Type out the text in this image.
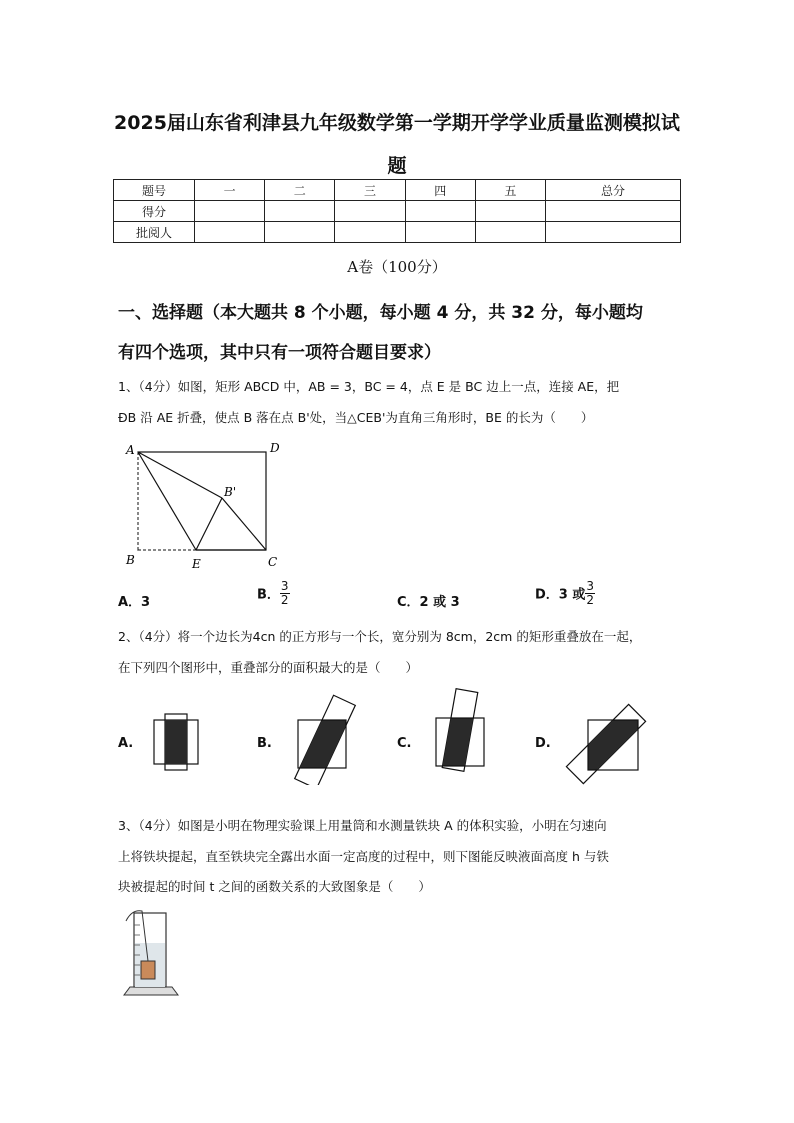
2025届山东省利津县九年级数学第一学期开学学业质量监测模拟试
题
题号	一	二	三	四	五	总分
得分						
批阅人						
A卷（100分）
一、选择题（本大题共 8 个小题，每小题 4 分，共 32 分，每小题均
有四个选项，其中只有一项符合题目要求）
1、（4分）如图，矩形 ABCD 中，AB = 3，BC = 4，点 E 是 BC 边上一点，连接 AE，把
ÐB 沿 AE 折叠，使点 B 落在点 B'处，当△CEB'为直角三角形时，BE 的长为（　　）
A	D
B	E	C
B'
A．3	B． $\frac{3}{2}$	C．2 或 3	D．3 或 $\frac{3}{2}$
2、（4分）将一个边长为4cn 的正方形与一个长，宽分别为 8cm，2cm 的矩形重叠放在一起，
在下列四个图形中，重叠部分的面积最大的是（　　）
A.	B.	C.	D.
3、（4分）如图是小明在物理实验课上用量筒和水测量铁块 A 的体积实验，小明在匀速向
上将铁块提起，直至铁块完全露出水面一定高度的过程中，则下图能反映液面高度 h 与铁
块被提起的时间 t 之间的函数关系的大致图象是（　　）
